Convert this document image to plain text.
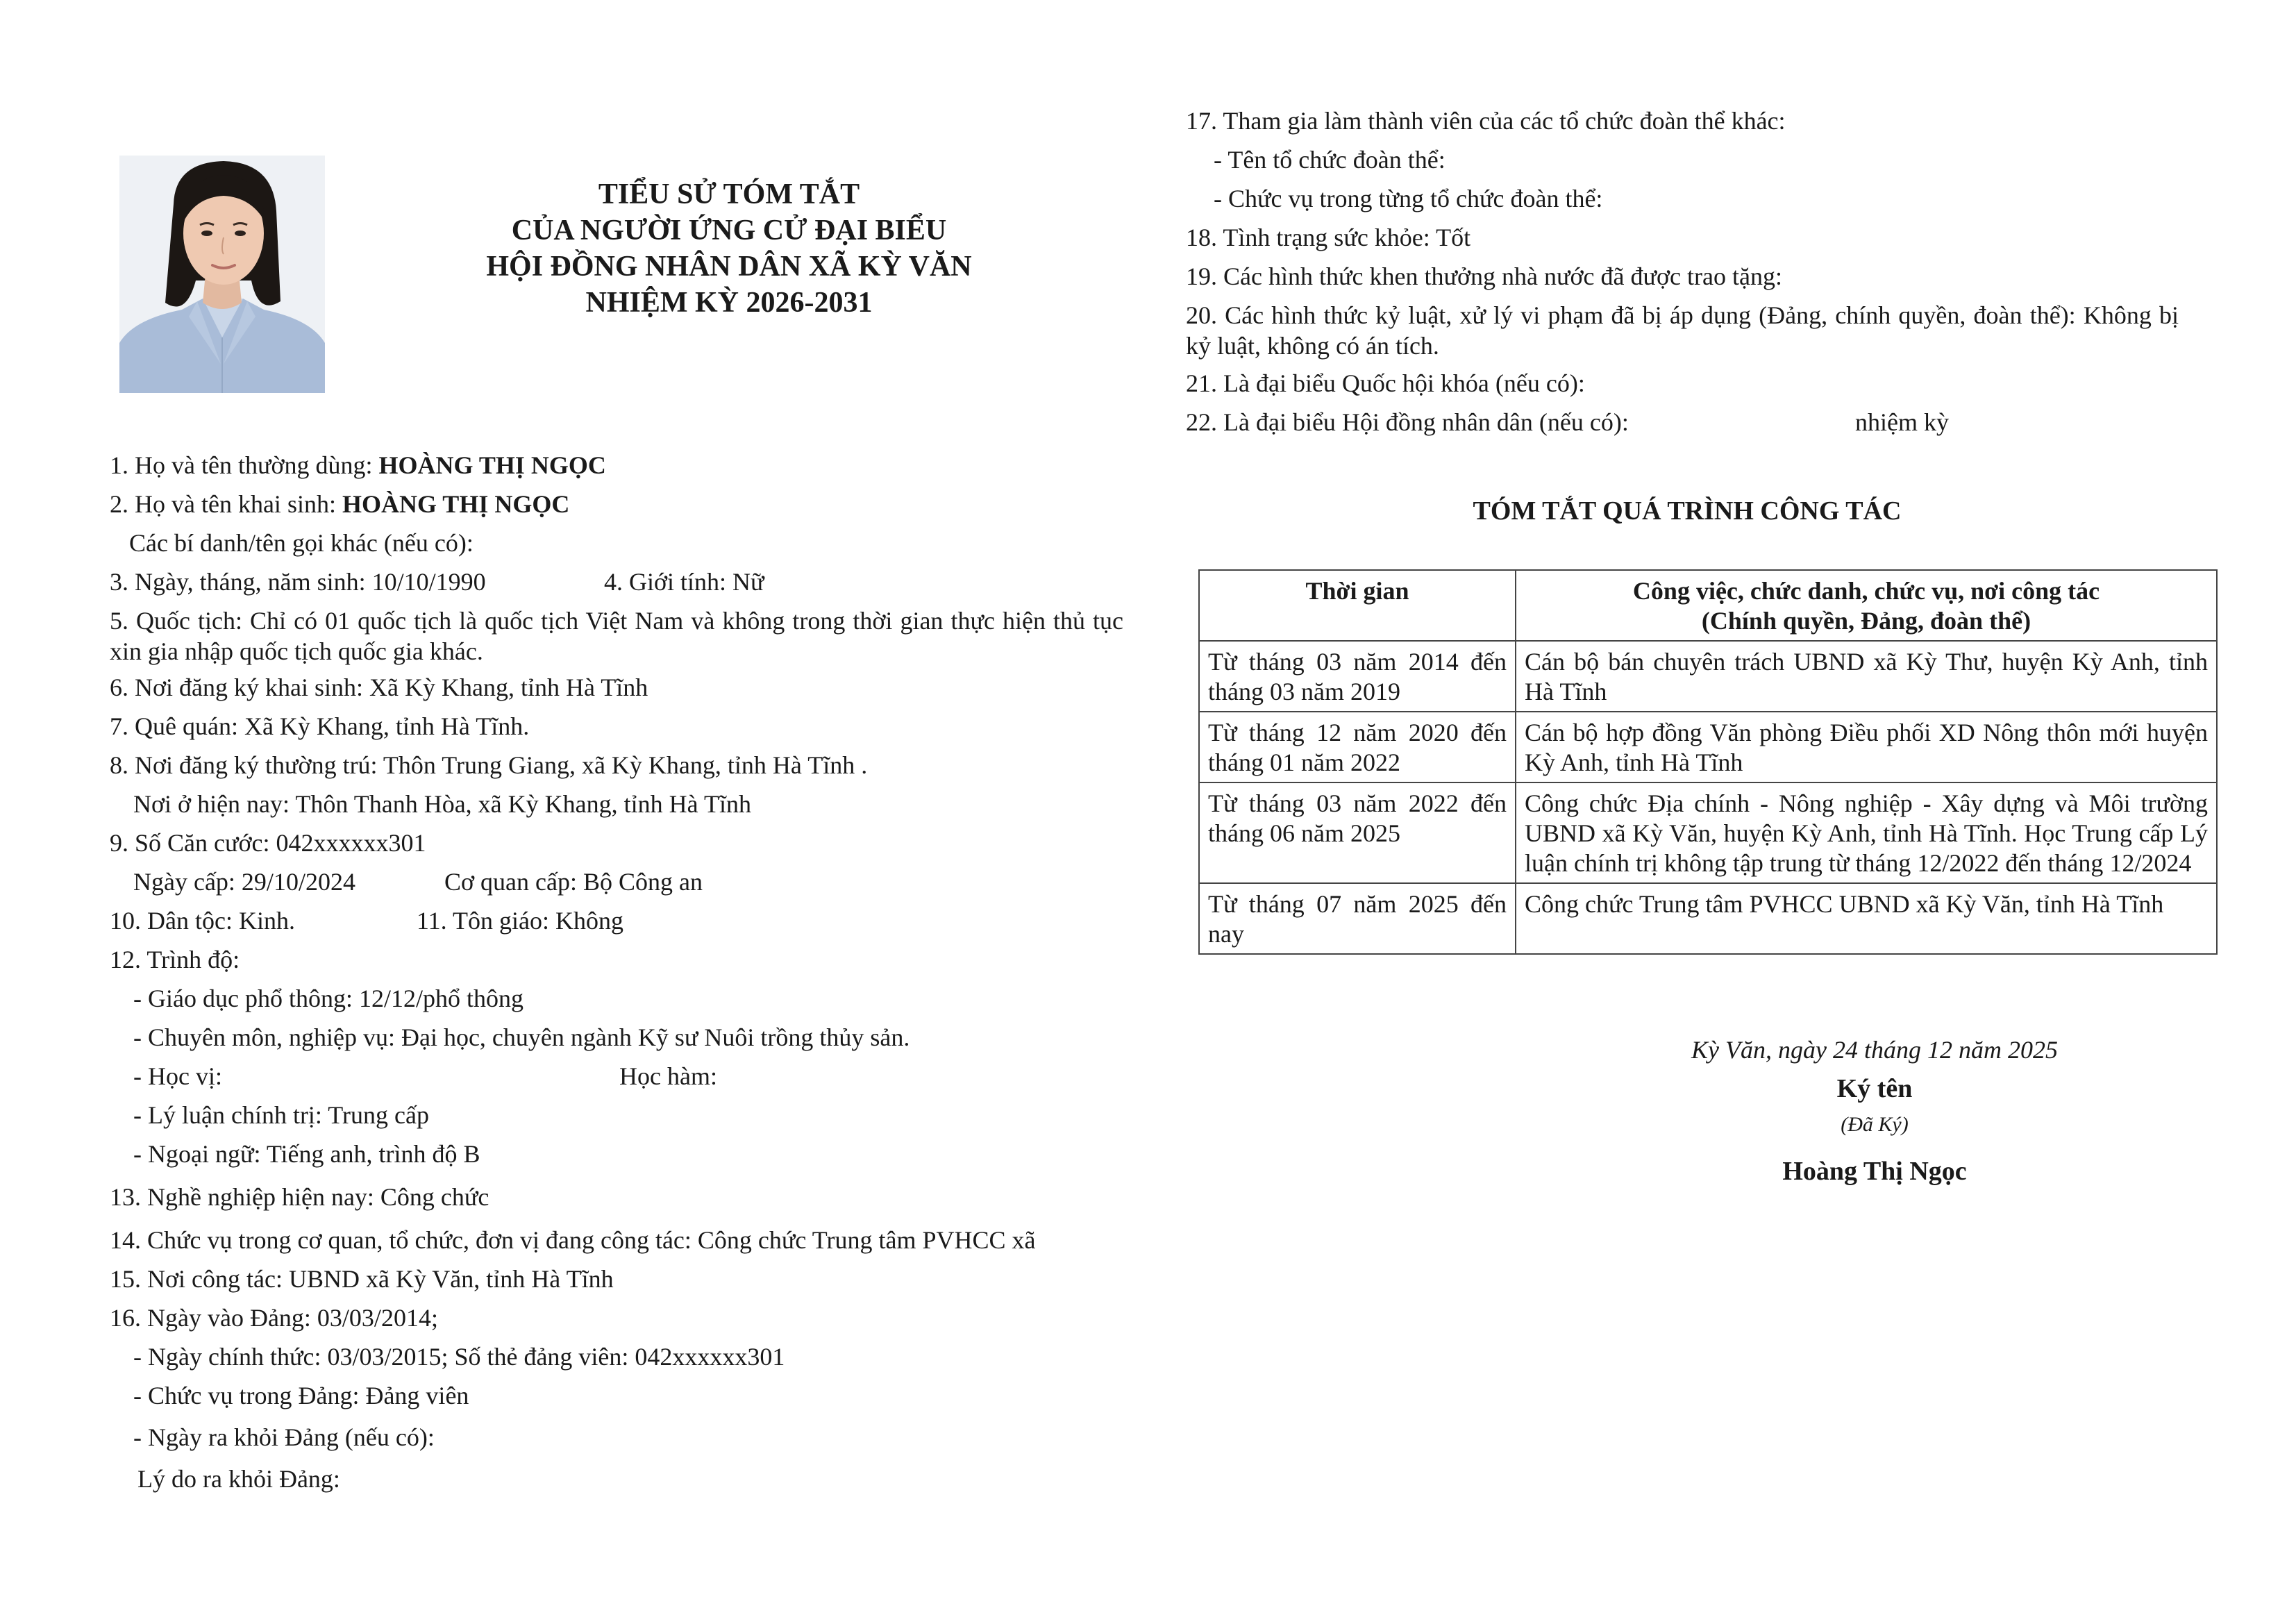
TIỂU SỬ TÓM TẮT
CỦA NGƯỜI ỨNG CỬ ĐẠI BIỂU
HỘI ĐỒNG NHÂN DÂN XÃ KỲ VĂN
NHIỆM KỲ 2026-2031
1. Họ và tên thường dùng: HOÀNG THỊ NGỌC
2. Họ và tên khai sinh: HOÀNG THỊ NGỌC
Các bí danh/tên gọi khác (nếu có):
3. Ngày, tháng, năm sinh: 10/10/1990	4. Giới tính: Nữ
5. Quốc tịch: Chỉ có 01 quốc tịch là quốc tịch Việt Nam và không trong thời gian thực hiện thủ tục xin gia nhập quốc tịch quốc gia khác.
6. Nơi đăng ký khai sinh: Xã Kỳ Khang, tỉnh Hà Tĩnh
7. Quê quán: Xã Kỳ Khang, tỉnh Hà Tĩnh.
8. Nơi đăng ký thường trú: Thôn Trung Giang, xã Kỳ Khang, tỉnh Hà Tĩnh .
Nơi ở hiện nay: Thôn Thanh Hòa, xã Kỳ Khang, tỉnh Hà Tĩnh
9. Số Căn cước: 042xxxxxx301
Ngày cấp: 29/10/2024	Cơ quan cấp: Bộ Công an
10. Dân tộc: Kinh.	11. Tôn giáo: Không
12. Trình độ:
- Giáo dục phổ thông: 12/12/phổ thông
- Chuyên môn, nghiệp vụ: Đại học, chuyên ngành Kỹ sư Nuôi trồng thủy sản.
- Học vị:	Học hàm:
- Lý luận chính trị: Trung cấp
- Ngoại ngữ: Tiếng anh, trình độ B
13. Nghề nghiệp hiện nay: Công chức
14. Chức vụ trong cơ quan, tổ chức, đơn vị đang công tác: Công chức Trung tâm PVHCC xã
15. Nơi công tác: UBND xã Kỳ Văn, tỉnh Hà Tĩnh
16. Ngày vào Đảng: 03/03/2014;
- Ngày chính thức: 03/03/2015; Số thẻ đảng viên: 042xxxxxx301
- Chức vụ trong Đảng: Đảng viên
- Ngày ra khỏi Đảng (nếu có):
Lý do ra khỏi Đảng:
17. Tham gia làm thành viên của các tổ chức đoàn thể khác:
- Tên tổ chức đoàn thể:
- Chức vụ trong từng tổ chức đoàn thể:
18. Tình trạng sức khỏe: Tốt
19. Các hình thức khen thưởng nhà nước đã được trao tặng:
20. Các hình thức kỷ luật, xử lý vi phạm đã bị áp dụng (Đảng, chính quyền, đoàn thể): Không bị kỷ luật, không có án tích.
21. Là đại biểu Quốc hội khóa (nếu có):
22. Là đại biểu Hội đồng nhân dân (nếu có):	nhiệm kỳ
TÓM TẮT QUÁ TRÌNH CÔNG TÁC
Thời gian	Công việc, chức danh, chức vụ, nơi công tác
(Chính quyền, Đảng, đoàn thể)

Từ tháng 03 năm 2014 đến tháng 03 năm 2019	Cán bộ bán chuyên trách UBND xã Kỳ Thư, huyện Kỳ Anh, tỉnh Hà Tĩnh
Từ tháng 12 năm 2020 đến tháng 01 năm 2022	Cán bộ hợp đồng Văn phòng Điều phối XD Nông thôn mới huyện Kỳ Anh, tỉnh Hà Tĩnh
Từ tháng 03 năm 2022 đến tháng 06 năm 2025	Công chức Địa chính - Nông nghiệp - Xây dựng và Môi trường UBND xã Kỳ Văn, huyện Kỳ Anh, tỉnh Hà Tĩnh. Học Trung cấp Lý luận chính trị không tập trung từ tháng 12/2022 đến tháng 12/2024
Từ tháng 07 năm 2025 đến nay	Công chức Trung tâm PVHCC UBND xã Kỳ Văn, tỉnh Hà Tĩnh
Kỳ Văn, ngày 24 tháng 12 năm 2025
Ký tên
(Đã Ký)
Hoàng Thị Ngọc
